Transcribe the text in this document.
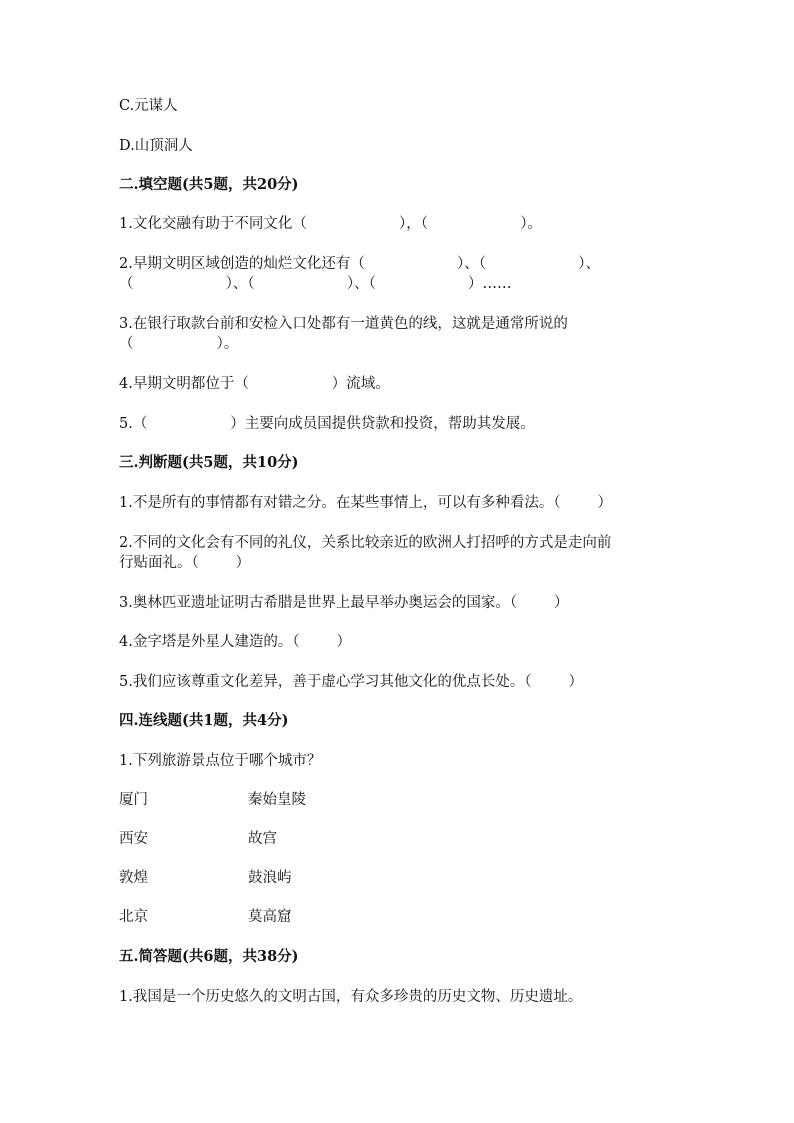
C.元谋人
D.山顶洞人
二.填空题(共5题，共20分)
1.文化交融有助于不同文化（                    ），（                    ）。
2.早期文明区域创造的灿烂文化还有（                    ）、（                    ）、
（                    ）、（                    ）、（                    ）……
3.在银行取款台前和安检入口处都有一道黄色的线，这就是通常所说的
（                  ）。
4.早期文明都位于（                  ）流域。
5.（                  ）主要向成员国提供贷款和投资，帮助其发展。
三.判断题(共5题，共10分)
1.不是所有的事情都有对错之分。在某些事情上，可以有多种看法。（        ）
2.不同的文化会有不同的礼仪，关系比较亲近的欧洲人打招呼的方式是走向前
行贴面礼。（        ）
3.奥林匹亚遗址证明古希腊是世界上最早举办奥运会的国家。（        ）
4.金字塔是外星人建造的。（        ）
5.我们应该尊重文化差异，善于虚心学习其他文化的优点长处。（        ）
四.连线题(共1题，共4分)
1.下列旅游景点位于哪个城市？
厦门	秦始皇陵
西安	故宫
敦煌	鼓浪屿
北京	莫高窟
五.简答题(共6题，共38分)
1.我国是一个历史悠久的文明古国，有众多珍贵的历史文物、历史遗址。
